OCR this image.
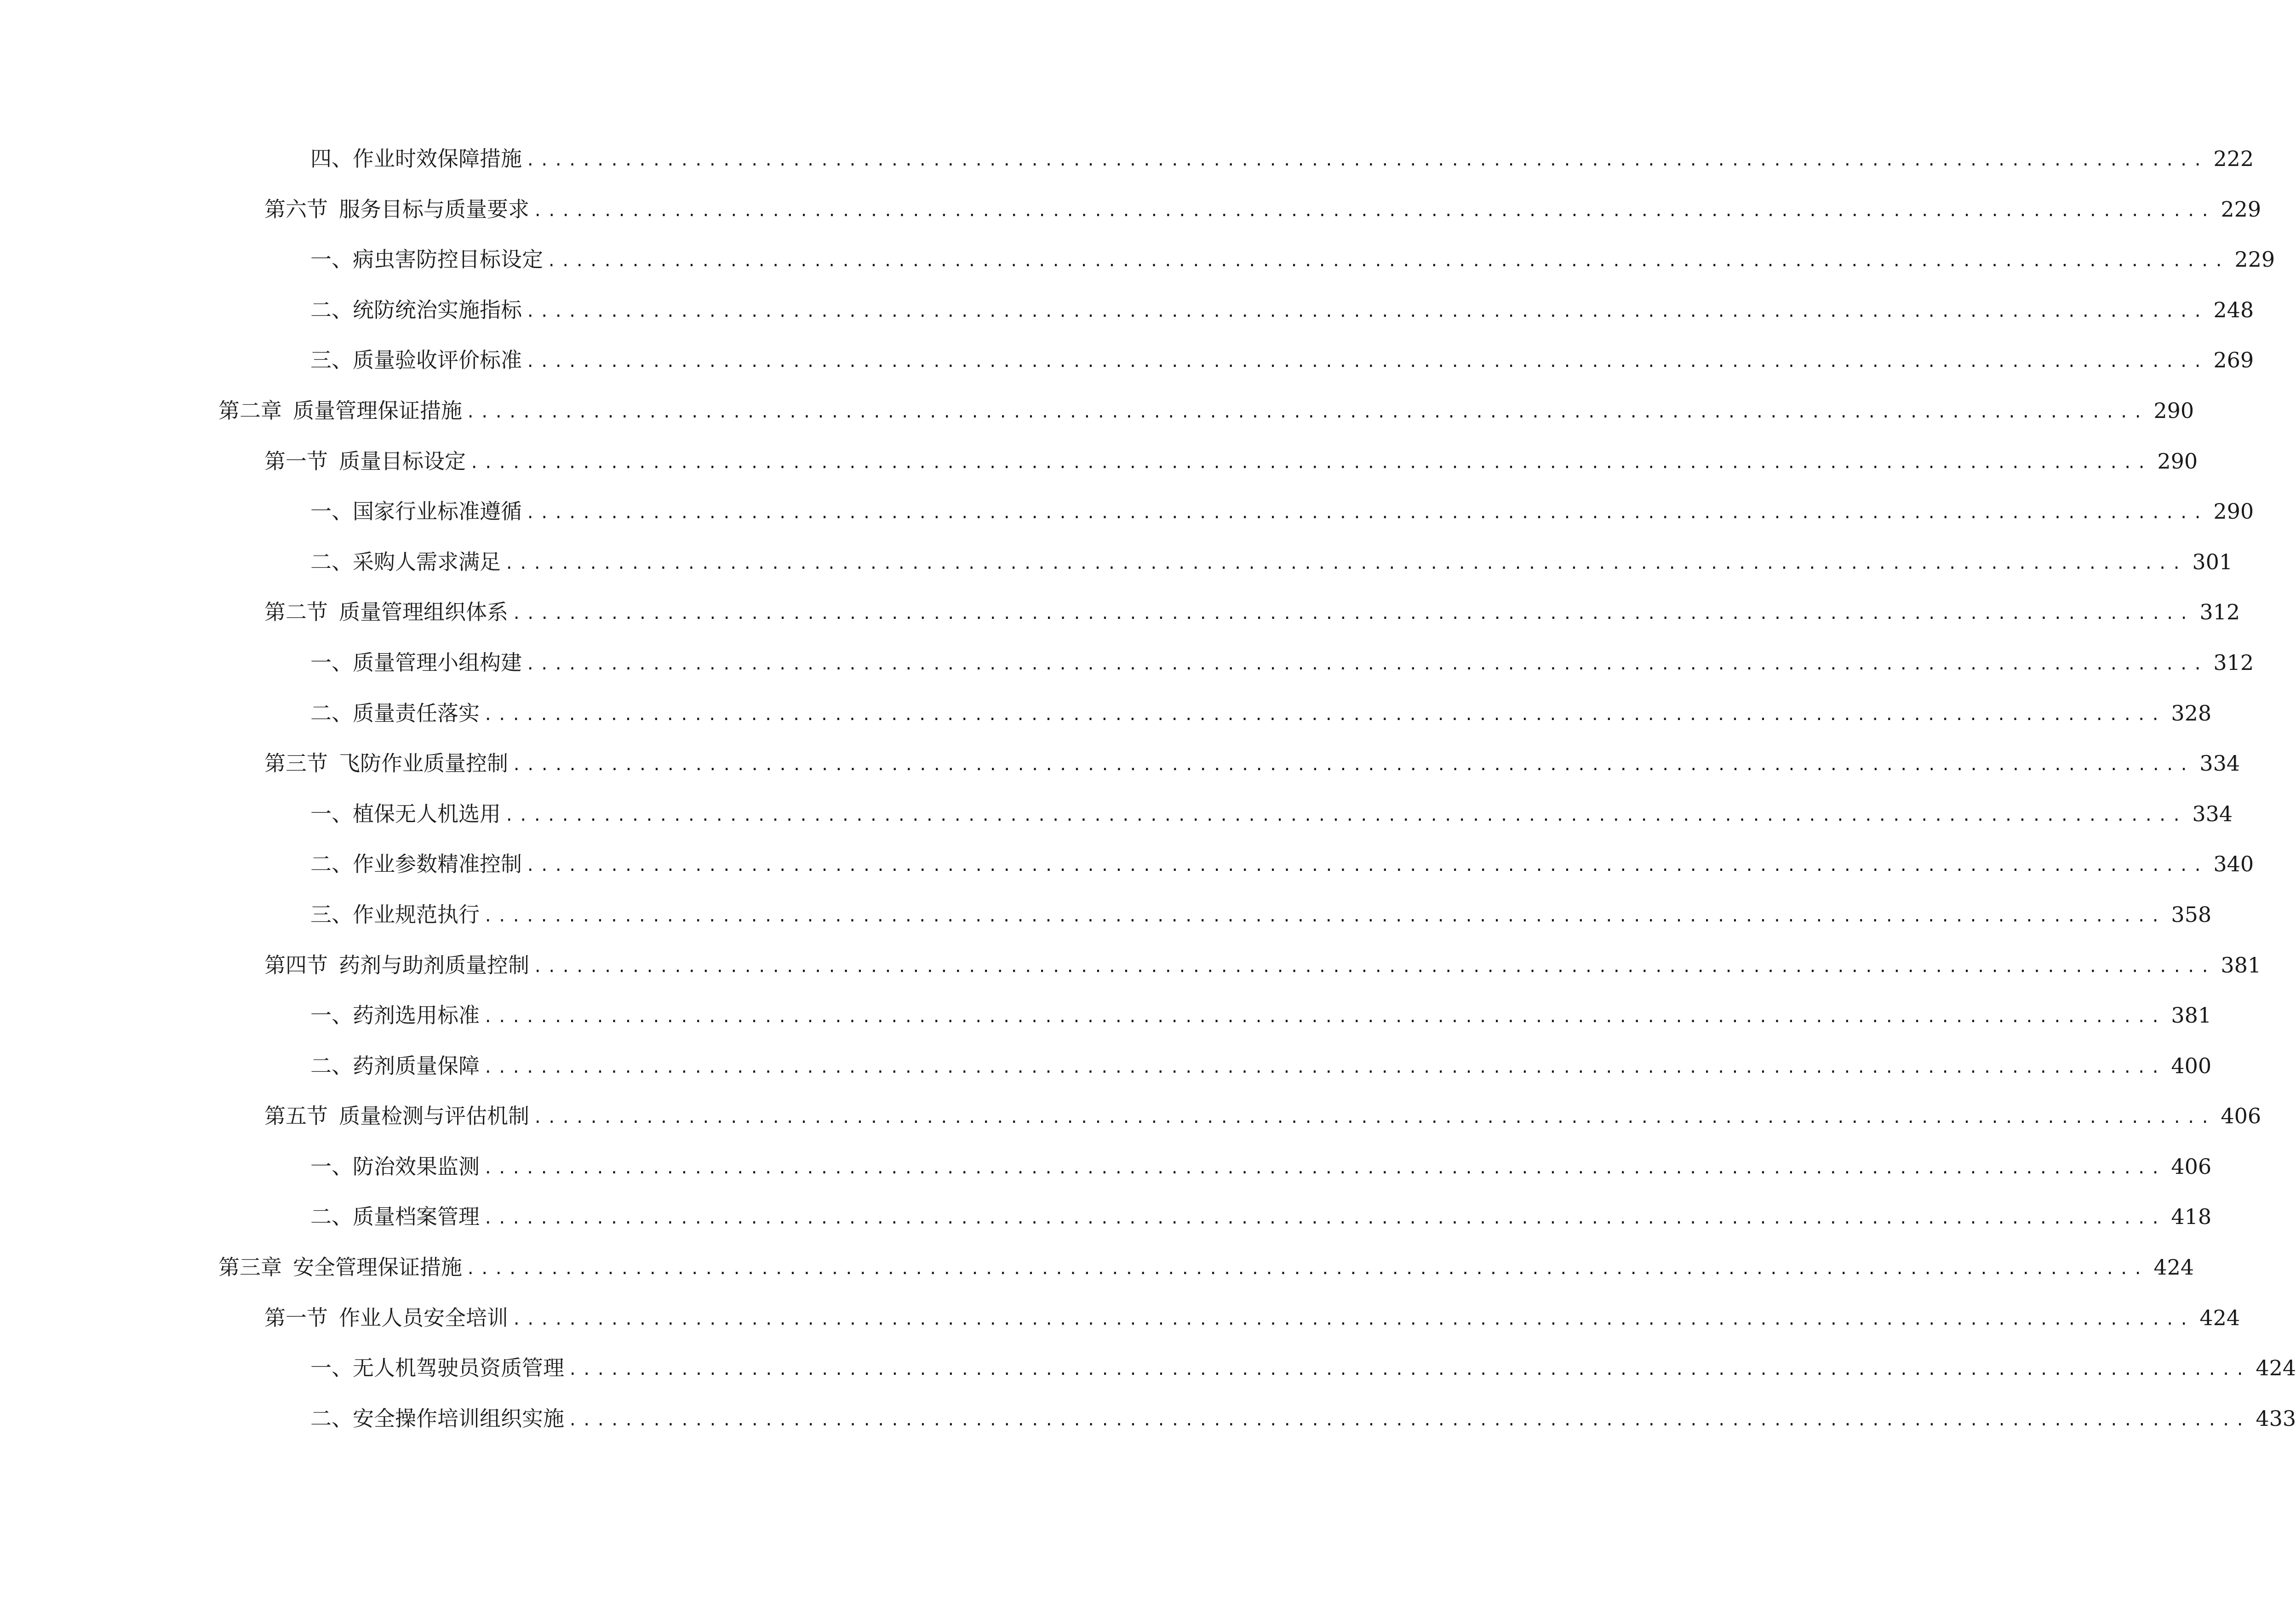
四、 作业时效保障措施 ........................................................................................................................ 222
第六节 服务目标与质量要求 ........................................................................................................................ 229
一、 病虫害防控目标设定 ........................................................................................................................ 229
二、 统防统治实施指标 ........................................................................................................................ 248
三、 质量验收评价标准 ........................................................................................................................ 269
第二章 质量管理保证措施 ........................................................................................................................ 290
第一节 质量目标设定 ........................................................................................................................ 290
一、 国家行业标准遵循 ........................................................................................................................ 290
二、 采购人需求满足 ........................................................................................................................ 301
第二节 质量管理组织体系 ........................................................................................................................ 312
一、 质量管理小组构建 ........................................................................................................................ 312
二、 质量责任落实 ........................................................................................................................ 328
第三节 飞防作业质量控制 ........................................................................................................................ 334
一、 植保无人机选用 ........................................................................................................................ 334
二、 作业参数精准控制 ........................................................................................................................ 340
三、 作业规范执行 ........................................................................................................................ 358
第四节 药剂与助剂质量控制 ........................................................................................................................ 381
一、 药剂选用标准 ........................................................................................................................ 381
二、 药剂质量保障 ........................................................................................................................ 400
第五节 质量检测与评估机制 ........................................................................................................................ 406
一、 防治效果监测 ........................................................................................................................ 406
二、 质量档案管理 ........................................................................................................................ 418
第三章 安全管理保证措施 ........................................................................................................................ 424
第一节 作业人员安全培训 ........................................................................................................................ 424
一、 无人机驾驶员资质管理 ........................................................................................................................ 424
二、 安全操作培训组织实施 ........................................................................................................................ 433
